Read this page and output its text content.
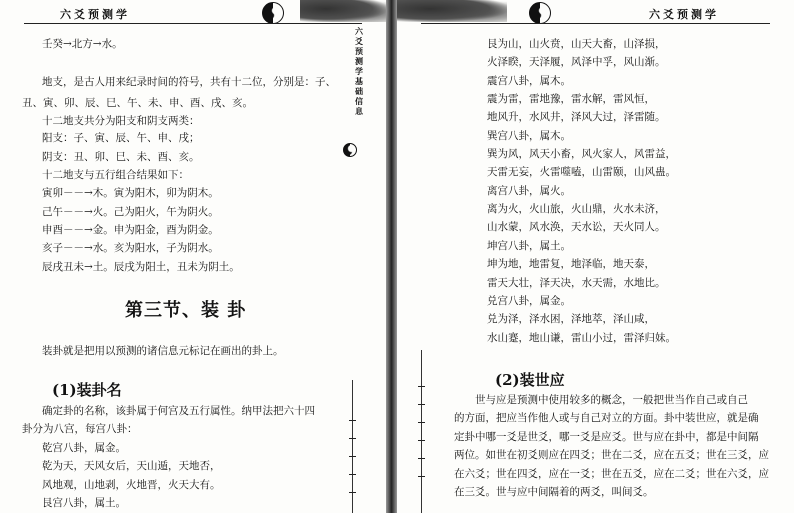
六爻预测学
六爻预测学基础信息
壬癸→北方→水。
地支，是古人用来纪录时间的符号，共有十二位，分别是：子、
丑、寅、卯、辰、巳、午、未、申、酉、戌、亥。
十二地支共分为阳支和阴支两类：
阳支：子、寅、辰、午、申、戌；
阴支：丑、卯、巳、未、酉、亥。
十二地支与五行组合结果如下：
寅卯－－→木。寅为阳木，卯为阴木。
己午－－→火。己为阳火，午为阴火。
申酉－－→金。申为阳金，酉为阴金。
亥子－－→水。亥为阳水，子为阴水。
辰戌丑未→土。辰戌为阳土，丑未为阴土。
第三节、装 卦
装卦就是把用以预测的诸信息元标记在画出的卦上。
(1)装卦名
确定卦的名称，该卦属于何宫及五行属性。纳甲法把六十四
卦分为八宫，每宫八卦：
乾宫八卦，属金。
乾为天，天风女后，天山遁，天地否，
风地观，山地剥，火地晋，火天大有。
艮宫八卦，属土。
六爻预测学
艮为山，山火贲，山天大畜，山泽损，
火泽睽，天泽履，风泽中孚，风山渐。
震宫八卦，属木。
震为雷，雷地豫，雷水解，雷风恒，
地风升，水风井，泽风大过，泽雷随。
巽宫八卦，属木。
巽为风，风天小畜，风火家人，风雷益，
天雷无妄，火雷噬嗑，山雷颐，山风蛊。
离宫八卦，属火。
离为火，火山旅，火山鼎，火水未济，
山水蒙，风水涣，天水讼，天火同人。
坤宫八卦，属土。
坤为地，地雷复，地泽临，地天泰，
雷天大壮，泽天决，水天需，水地比。
兑宫八卦，属金。
兑为泽，泽水困，泽地萃，泽山咸，
水山蹇，地山谦，雷山小过，雷泽归妹。
(2)装世应
世与应是预测中使用较多的概念，一般把世当作自己或自己
的方面，把应当作他人或与自己对立的方面。卦中装世应，就是确
定卦中哪一爻是世爻，哪一爻是应爻。世与应在卦中，都是中间隔
两位。如世在初爻则应在四爻；世在二爻，应在五爻；世在三爻，应
在六爻；世在四爻，应在一爻；世在五爻，应在二爻；世在六爻，应
在三爻。世与应中间隔着的两爻，叫间爻。
